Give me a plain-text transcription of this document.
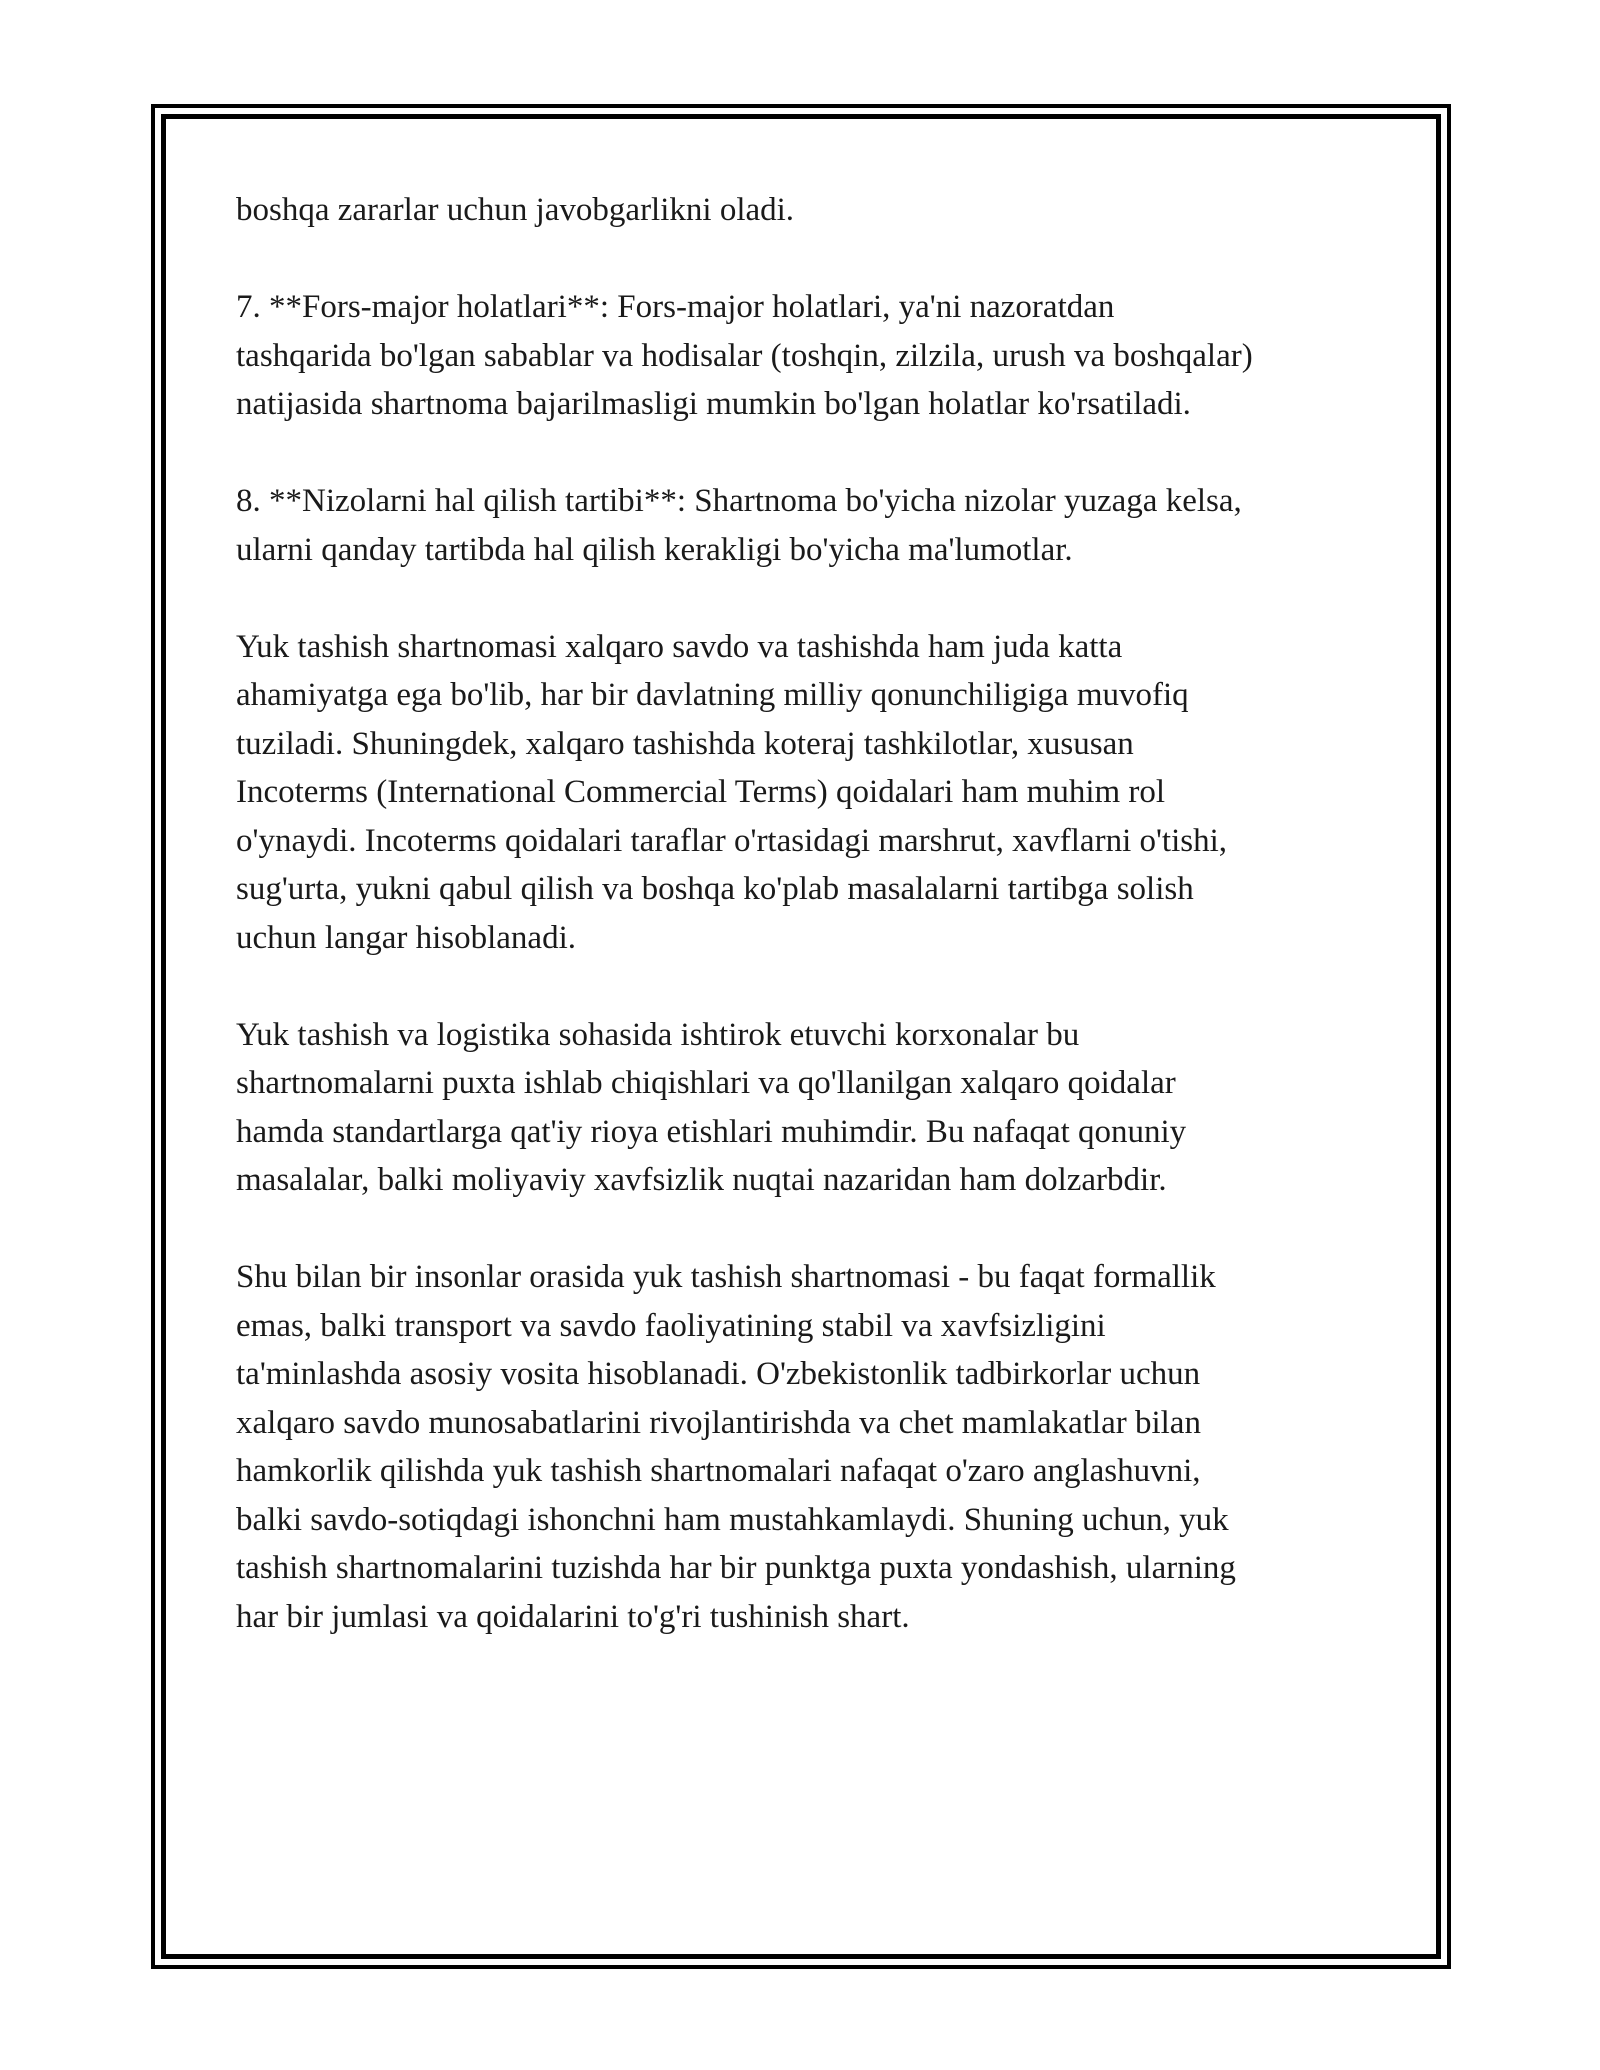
boshqa zararlar uchun javobgarlikni oladi.

7. **Fors-major holatlari**: Fors-major holatlari, ya'ni nazoratdan
tashqarida bo'lgan sabablar va hodisalar (toshqin, zilzila, urush va boshqalar)
natijasida shartnoma bajarilmasligi mumkin bo'lgan holatlar ko'rsatiladi.

8. **Nizolarni hal qilish tartibi**: Shartnoma bo'yicha nizolar yuzaga kelsa,
ularni qanday tartibda hal qilish kerakligi bo'yicha ma'lumotlar.

Yuk tashish shartnomasi xalqaro savdo va tashishda ham juda katta
ahamiyatga ega bo'lib, har bir davlatning milliy qonunchiligiga muvofiq
tuziladi. Shuningdek, xalqaro tashishda koteraj tashkilotlar, xususan
Incoterms (International Commercial Terms) qoidalari ham muhim rol
o'ynaydi. Incoterms qoidalari taraflar o'rtasidagi marshrut, xavflarni o'tishi,
sug'urta, yukni qabul qilish va boshqa ko'plab masalalarni tartibga solish
uchun langar hisoblanadi.

Yuk tashish va logistika sohasida ishtirok etuvchi korxonalar bu
shartnomalarni puxta ishlab chiqishlari va qo'llanilgan xalqaro qoidalar
hamda standartlarga qat'iy rioya etishlari muhimdir. Bu nafaqat qonuniy
masalalar, balki moliyaviy xavfsizlik nuqtai nazaridan ham dolzarbdir.

Shu bilan bir insonlar orasida yuk tashish shartnomasi - bu faqat formallik
emas, balki transport va savdo faoliyatining stabil va xavfsizligini
ta'minlashda asosiy vosita hisoblanadi. O'zbekistonlik tadbirkorlar uchun
xalqaro savdo munosabatlarini rivojlantirishda va chet mamlakatlar bilan
hamkorlik qilishda yuk tashish shartnomalari nafaqat o'zaro anglashuvni,
balki savdo-sotiqdagi ishonchni ham mustahkamlaydi. Shuning uchun, yuk
tashish shartnomalarini tuzishda har bir punktga puxta yondashish, ularning
har bir jumlasi va qoidalarini to'g'ri tushinish shart.
